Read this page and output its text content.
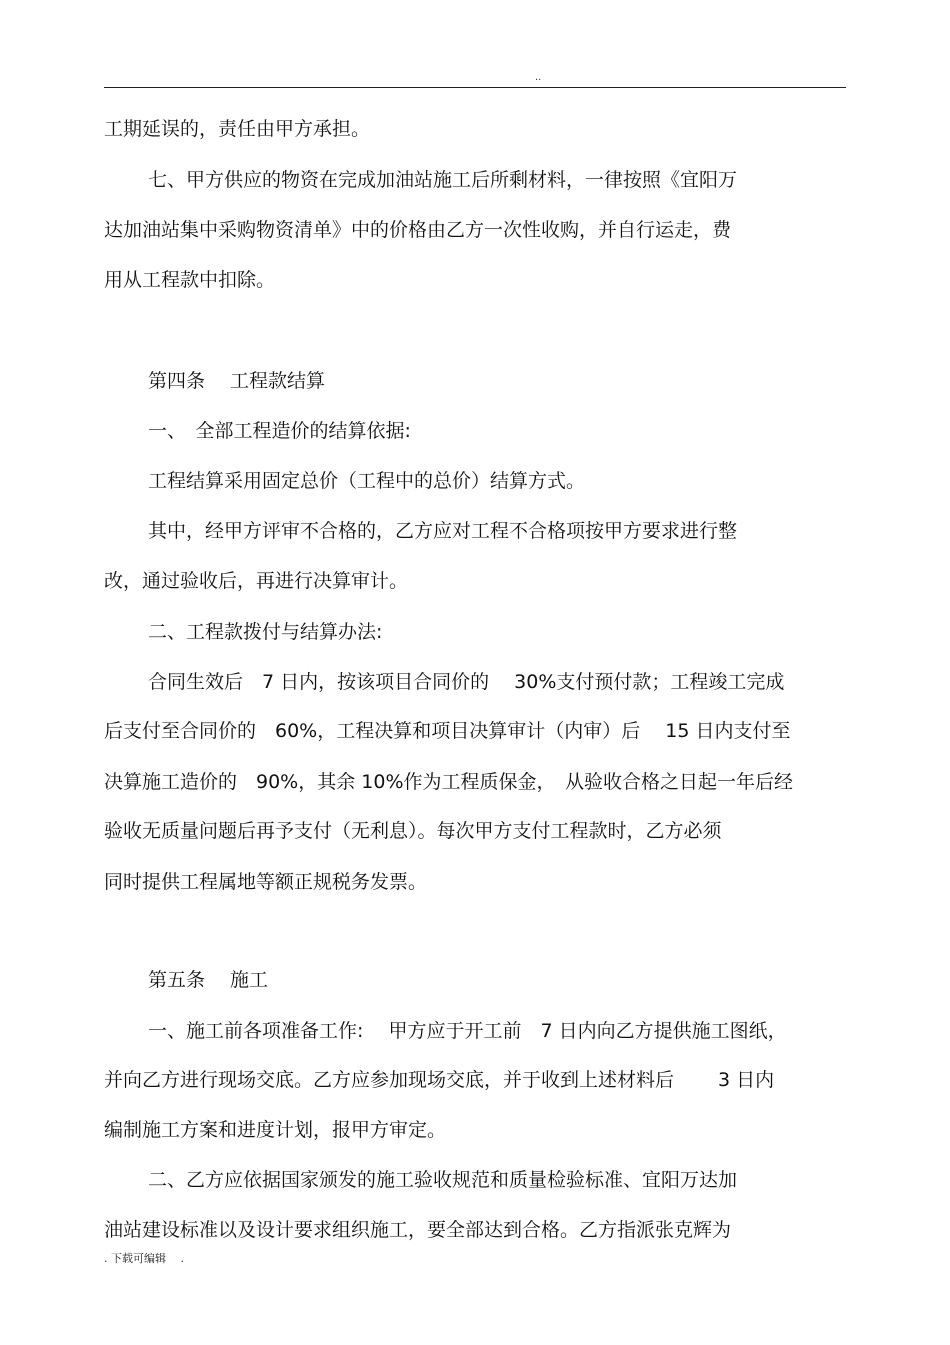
..
工期延误的，责任由甲方承担。
七、甲方供应的物资在完成加油站施工后所剩材料，一律按照《宜阳万
达加油站集中采购物资清单》中的价格由乙方一次性收购，并自行运走，费
用从工程款中扣除。
第四条　 工程款结算
一、　全部工程造价的结算依据:
工程结算采用固定总价（工程中的总价）结算方式。
其中，经甲方评审不合格的，乙方应对工程不合格项按甲方要求进行整
改，通过验收后，再进行决算审计。
二、工程款拨付与结算办法:
合同生效后　7 日内，按该项目合同价的　 30%支付预付款；工程竣工完成
后支付至合同价的　60%，工程决算和项目决算审计（内审）后　 15 日内支付至
决算施工造价的　90%，其余 10%作为工程质保金，　从验收合格之日起一年后经
验收无质量问题后再予支付（无利息）。每次甲方支付工程款时，乙方必须
同时提供工程属地等额正规税务发票。
第五条　 施工
一、施工前各项准备工作:　 甲方应于开工前　7 日内向乙方提供施工图纸，
并向乙方进行现场交底。乙方应参加现场交底，并于收到上述材料后　　 3 日内
编制施工方案和进度计划，报甲方审定。
二、乙方应依据国家颁发的施工验收规范和质量检验标准、宜阳万达加
油站建设标准以及设计要求组织施工，要全部达到合格。乙方指派张克辉为
. 下载可编辑　 .
